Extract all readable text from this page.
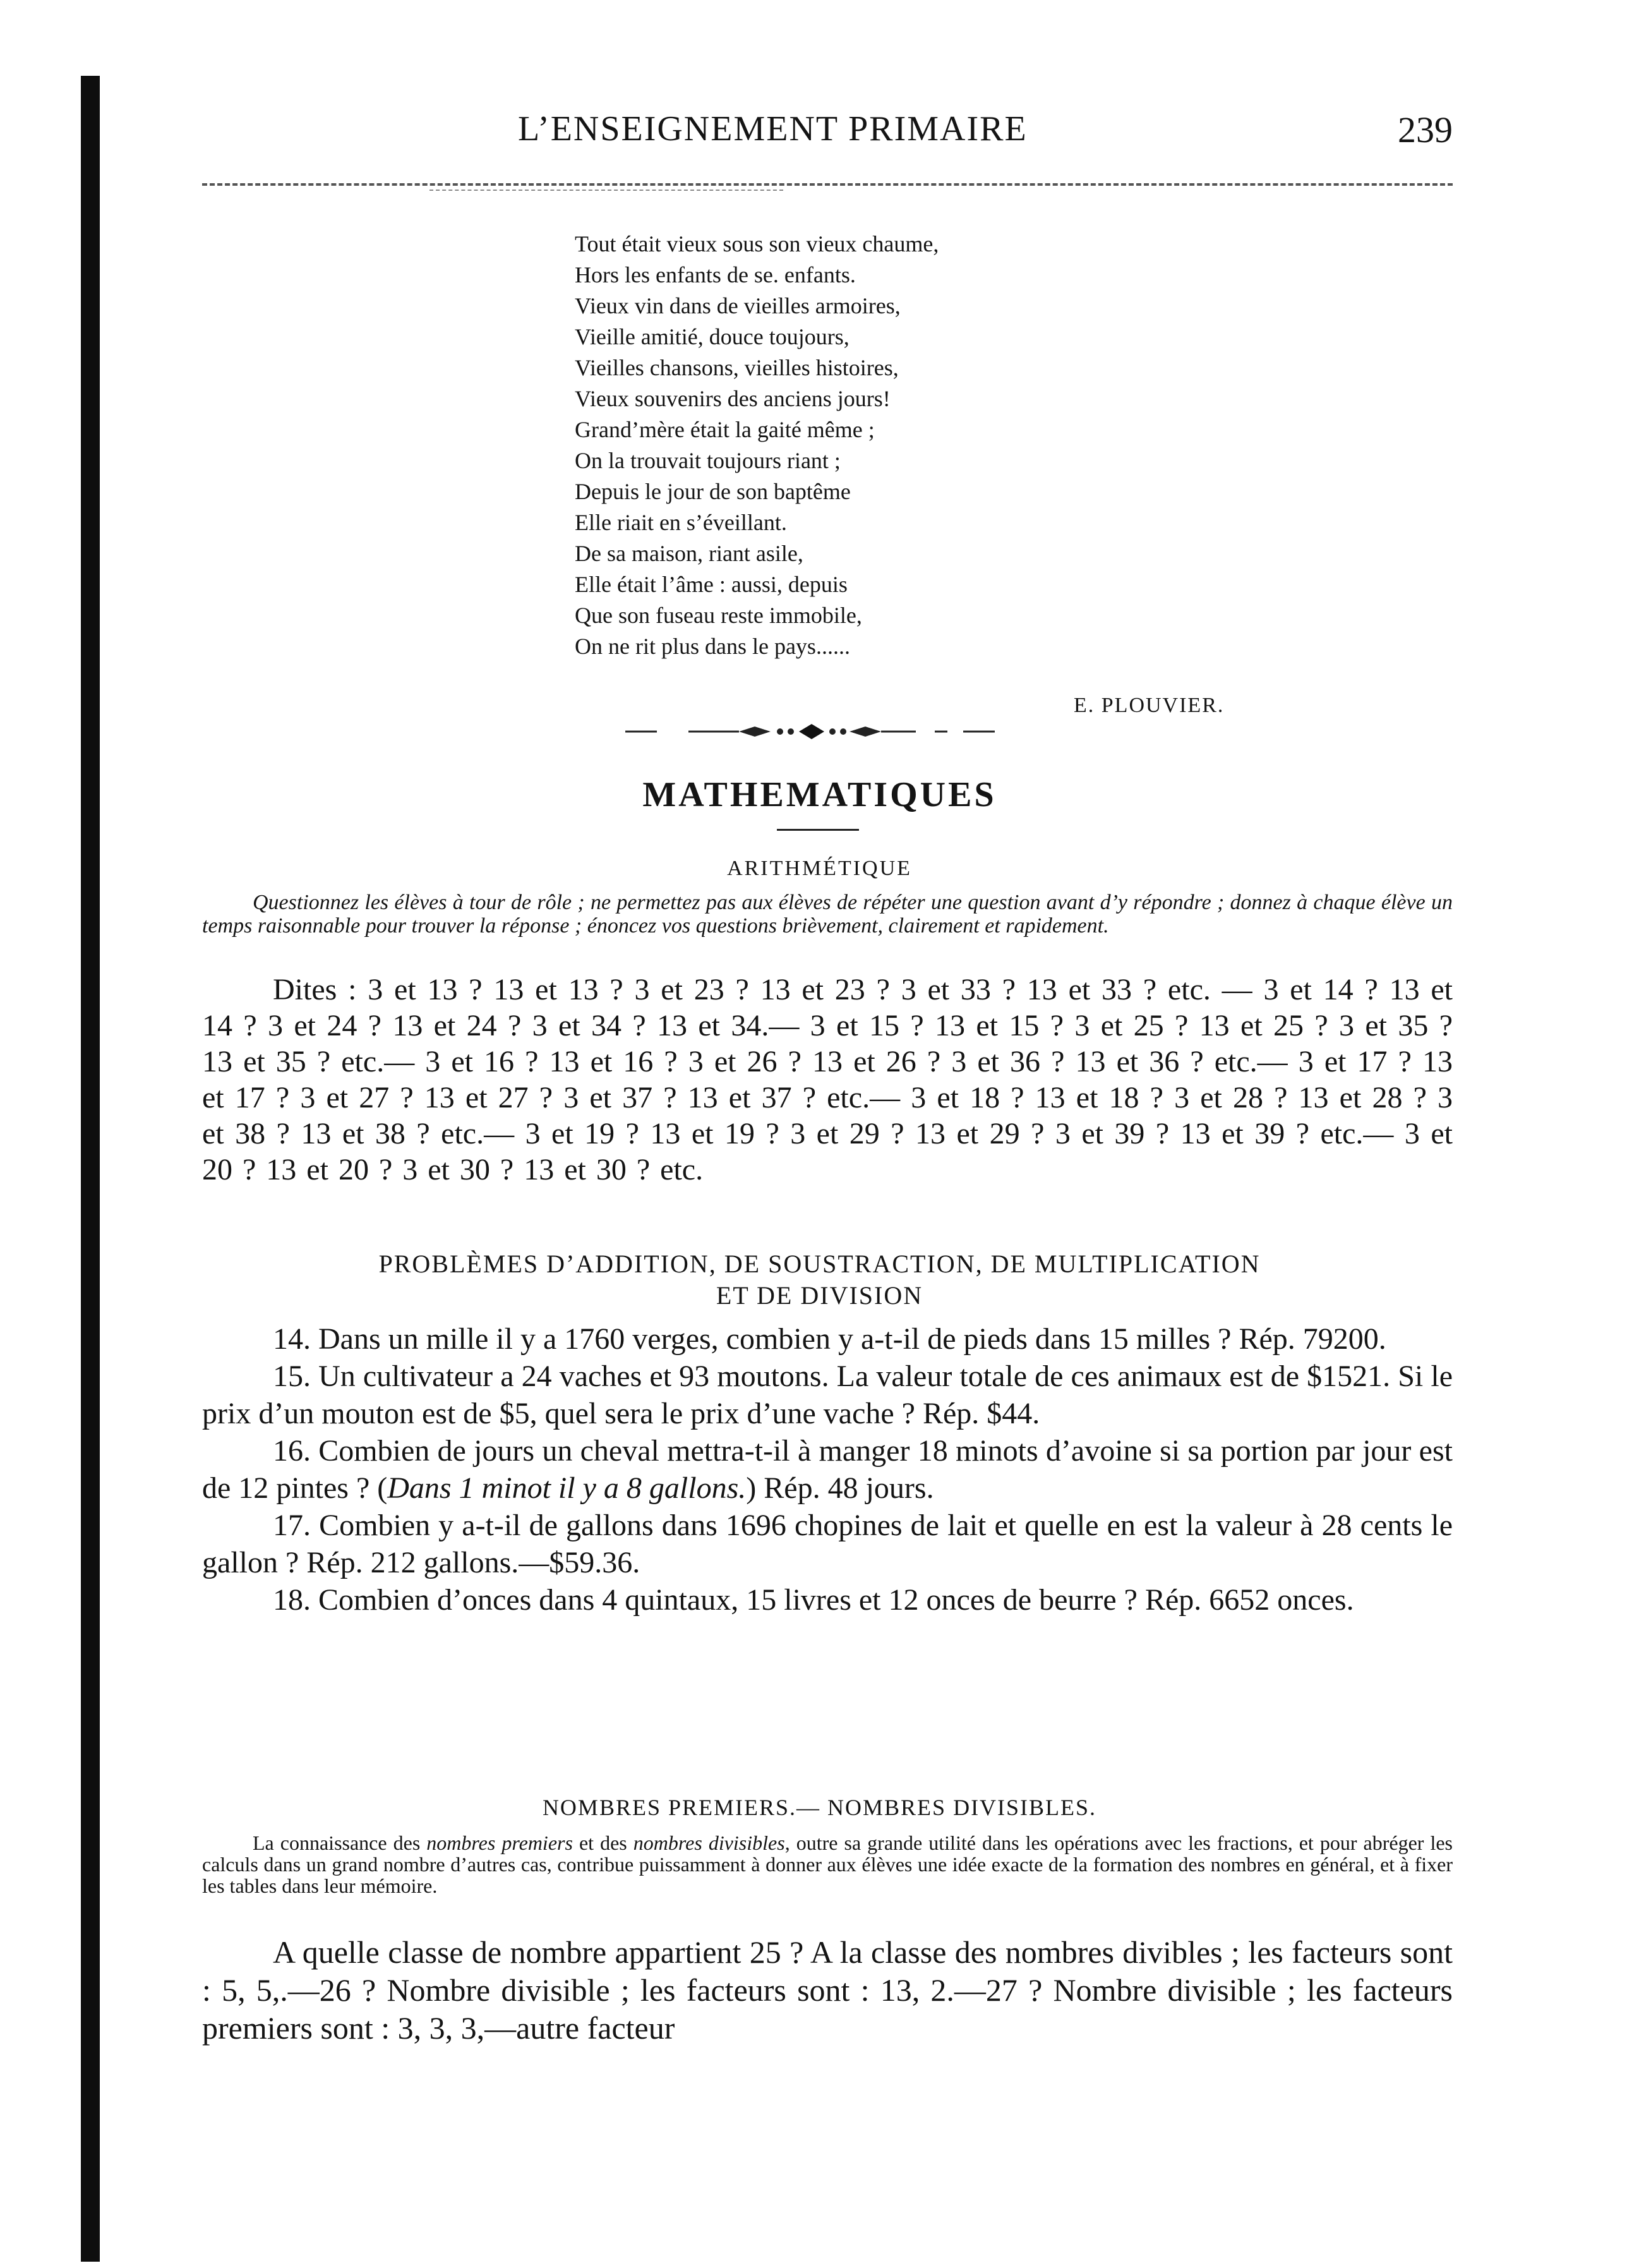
L’ENSEIGNEMENT PRIMAIRE	239
Tout était vieux sous son vieux chaume,
Hors les enfants de se. enfants.
Vieux vin dans de vieilles armoires,
Vieille amitié, douce toujours,
Vieilles chansons, vieilles histoires,
Vieux souvenirs des anciens jours!
Grand’mère était la gaité même ;
On la trouvait toujours riant ;
Depuis le jour de son baptême
Elle riait en s’éveillant.
De sa maison, riant asile,
Elle était l’âme : aussi, depuis
Que son fuseau reste immobile,
On ne rit plus dans le pays......
E. PLOUVIER.
MATHEMATIQUES
ARITHMÉTIQUE
Questionnez les élèves à tour de rôle ; ne permettez pas aux élèves de répéter une question avant d’y répondre ; donnez à chaque élève un temps raisonnable pour trouver la réponse ; énoncez vos questions brièvement, clairement et rapidement.
Dites : 3 et 13 ? 13 et 13 ? 3 et 23 ? 13 et 23 ? 3 et 33 ? 13 et 33 ? etc. — 3 et 14 ? 13 et 14 ? 3 et 24 ? 13 et 24 ? 3 et 34 ? 13 et 34.— 3 et 15 ? 13 et 15 ? 3 et 25 ? 13 et 25 ? 3 et 35 ? 13 et 35 ? etc.— 3 et 16 ? 13 et 16 ? 3 et 26 ? 13 et 26 ? 3 et 36 ? 13 et 36 ? etc.— 3 et 17 ? 13 et 17 ? 3 et 27 ? 13 et 27 ? 3 et 37 ? 13 et 37 ? etc.— 3 et 18 ? 13 et 18 ? 3 et 28 ? 13 et 28 ? 3 et 38 ? 13 et 38 ? etc.— 3 et 19 ? 13 et 19 ? 3 et 29 ? 13 et 29 ? 3 et 39 ? 13 et 39 ? etc.— 3 et 20 ? 13 et 20 ? 3 et 30 ? 13 et 30 ? etc.
PROBLÈMES D’ADDITION, DE SOUSTRACTION, DE MULTIPLICATION
ET DE DIVISION

14. Dans un mille il y a 1760 verges, combien y a-t-il de pieds dans 15 milles ? Rép. 79200.

15. Un cultivateur a 24 vaches et 93 moutons. La valeur totale de ces animaux est de $1521. Si le prix d’un mouton est de $5, quel sera le prix d’une vache ? Rép. $44.

16. Combien de jours un cheval mettra-t-il à manger 18 minots d’avoine si sa portion par jour est de 12 pintes ? (Dans 1 minot il y a 8 gallons.) Rép. 48 jours.

17. Combien y a-t-il de gallons dans 1696 chopines de lait et quelle en est la valeur à 28 cents le gallon ? Rép. 212 gallons.—$59.36.

18. Combien d’onces dans 4 quintaux, 15 livres et 12 onces de beurre ? Rép. 6652 onces.

NOMBRES PREMIERS.— NOMBRES DIVISIBLES.
La connaissance des nombres premiers et des nombres divisibles, outre sa grande utilité dans les opérations avec les fractions, et pour abréger les calculs dans un grand nombre d’autres cas, contribue puissamment à donner aux élèves une idée exacte de la formation des nombres en général, et à fixer les tables dans leur mémoire.
A quelle classe de nombre appartient 25 ? A la classe des nombres divibles ; les facteurs sont : 5, 5,.—26 ? Nombre divisible ; les facteurs sont : 13, 2.—27 ? Nombre divisible ; les facteurs premiers sont : 3, 3, 3,—autre facteur
